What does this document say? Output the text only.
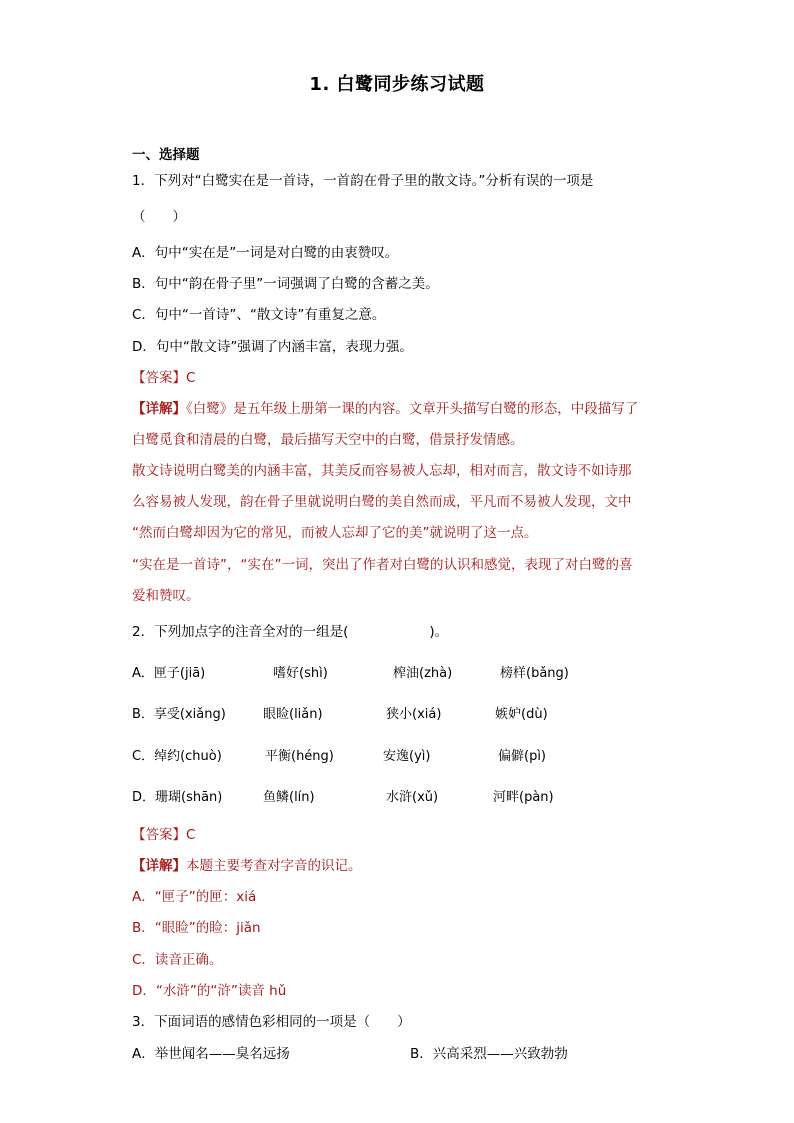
1. 白鹭同步练习试题
一、选择题
1．下列对“白鹭实在是一首诗，一首韵在骨子里的散文诗。”分析有误的一项是
（　　）
A．句中“实在是”一词是对白鹭的由衷赞叹。
B．句中“韵在骨子里”一词强调了白鹭的含蓄之美。
C．句中“一首诗”、“散文诗”有重复之意。
D．句中“散文诗”强调了内涵丰富，表现力强。
【答案】C
【详解】《白鹭》是五年级上册第一课的内容。文章开头描写白鹭的形态，中段描写了
白鹭觅食和清晨的白鹭，最后描写天空中的白鹭，借景抒发情感。
散文诗说明白鹭美的内涵丰富，其美反而容易被人忘却，相对而言，散文诗不如诗那
么容易被人发现，韵在骨子里就说明白鹭的美自然而成，平凡而不易被人发现，文中
“然而白鹭却因为它的常见，而被人忘却了它的美”就说明了这一点。
“实在是一首诗”，“实在”一词，突出了作者对白鹭的认识和感觉，表现了对白鹭的喜
爱和赞叹。
2．下列加点字的注音全对的一组是(　　　　　　)。
A．匣子(jiā)	嗜好(shì)	榨油(zhà)	榜样(bǎng)
B．享受(xiǎng)	眼睑(liǎn)	狭小(xiá)	嫉妒(dù)
C．绰约(chuò)	平衡(héng)	安逸(yì)	偏僻(pì)
D．珊瑚(shān)	鱼鳞(lín)	水浒(xǔ)	河畔(pàn)
【答案】C
【详解】本题主要考查对字音的识记。
A．“匣子”的匣：xiá
B．“眼睑”的睑：jiǎn
C．读音正确。
D．“水浒”的“浒”读音 hǔ
3．下面词语的感情色彩相同的一项是（　　）
A．举世闻名——臭名远扬	B．兴高采烈——兴致勃勃
